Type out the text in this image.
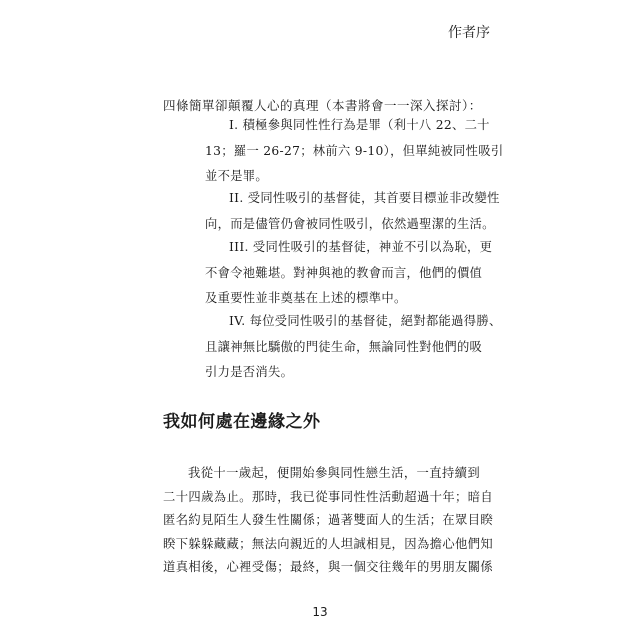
作者序
四條簡單卻顛覆人心的真理（本書將會一一深入探討）：
I. 積極參與同性性行為是罪（利十八 22、二十
13；羅一 26-27；林前六 9-10），但單純被同性吸引
並不是罪。
II. 受同性吸引的基督徒，其首要目標並非改變性
向，而是儘管仍會被同性吸引，依然過聖潔的生活。
III. 受同性吸引的基督徒，神並不引以為恥，更
不會令祂難堪。對神與祂的教會而言，他們的價值
及重要性並非奠基在上述的標準中。
IV. 每位受同性吸引的基督徒，絕對都能過得勝、
且讓神無比驕傲的門徒生命，無論同性對他們的吸
引力是否消失。
我如何處在邊緣之外
我從十一歲起，便開始參與同性戀生活，一直持續到
二十四歲為止。那時，我已從事同性性活動超過十年；暗自
匿名約見陌生人發生性關係；過著雙面人的生活；在眾目睽
睽下躲躲藏藏；無法向親近的人坦誠相見，因為擔心他們知
道真相後，心裡受傷；最終，與一個交往幾年的男朋友關係
13
